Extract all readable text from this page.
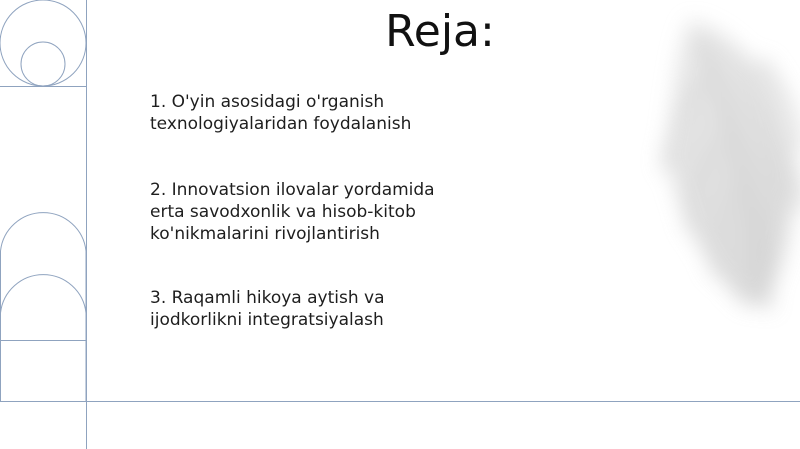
Reja:
1. O'yin asosidagi o'rganish
texnologiyalaridan foydalanish
2. Innovatsion ilovalar yordamida
erta savodxonlik va hisob-kitob
ko'nikmalarini rivojlantirish
3. Raqamli hikoya aytish va
ijodkorlikni integratsiyalash
